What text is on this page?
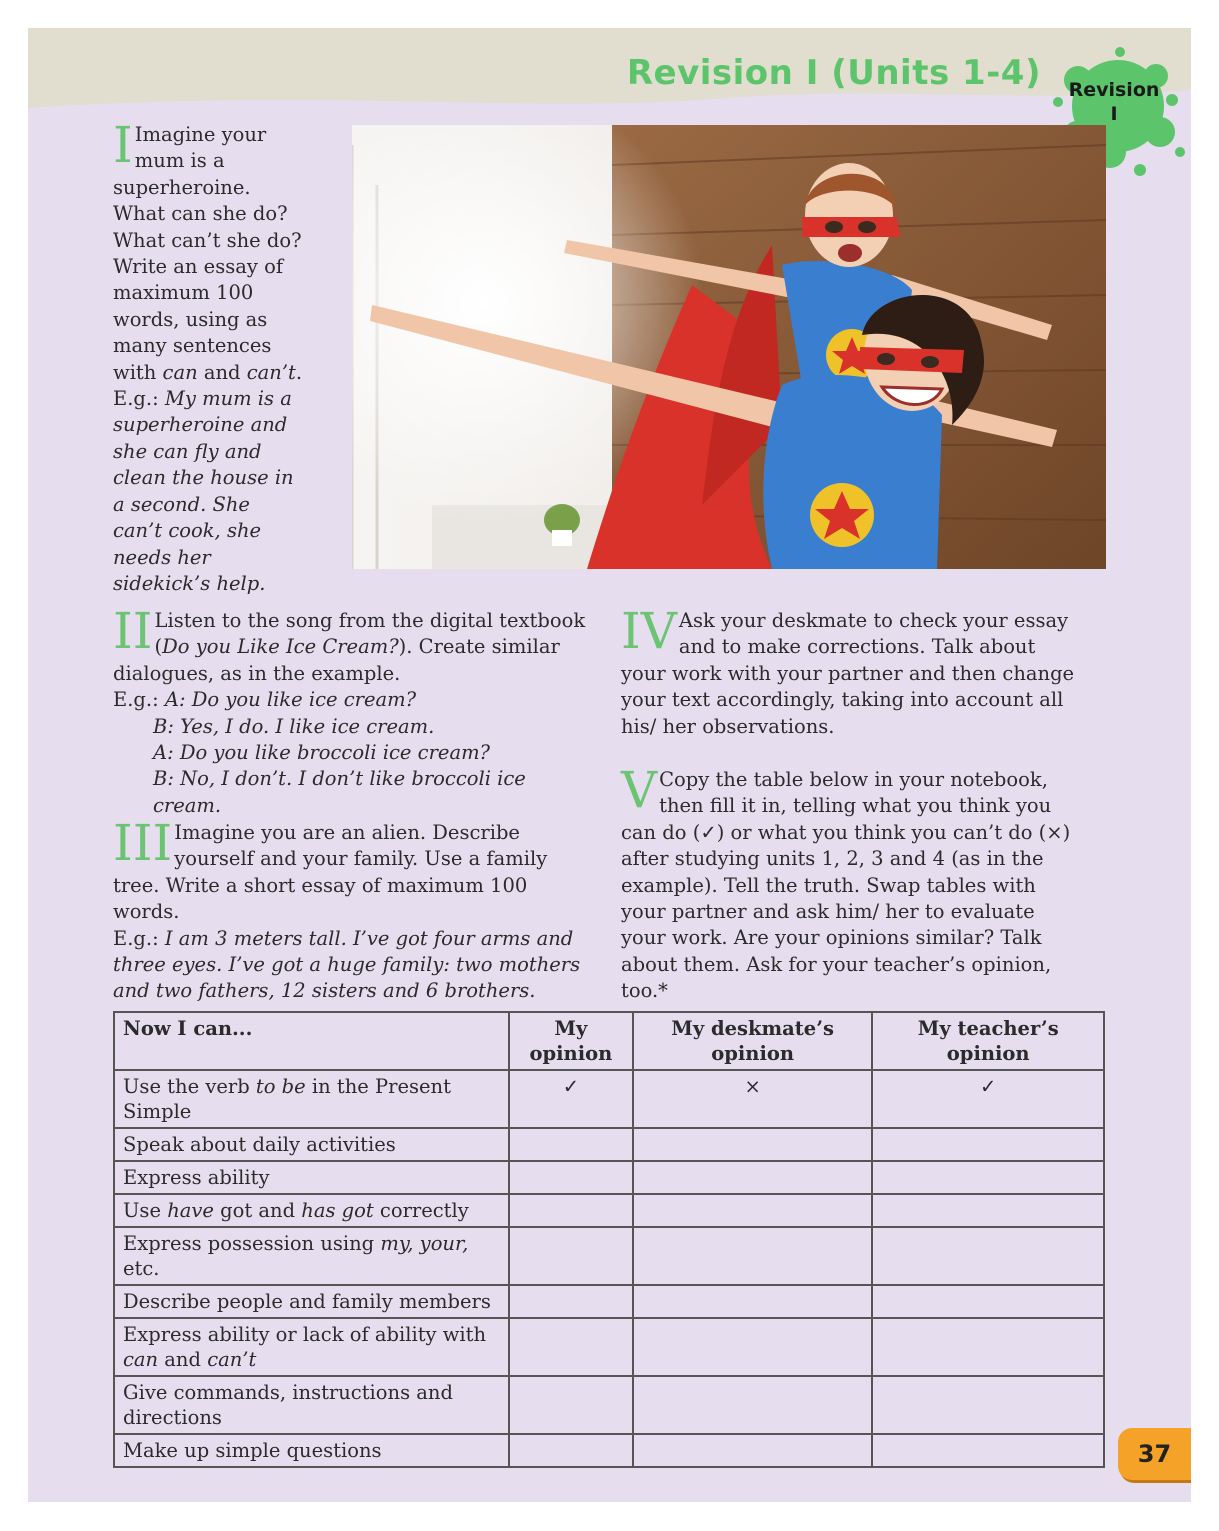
Revision I (Units 1-4)	Revision
I
I Imagine your mum is a superheroine. What can she do? What can’t she do? Write an essay of maximum 100 words, using as many sentences with can and can’t. E.g.: My mum is a superheroine and she can fly and clean the house in a second. She can’t cook, she needs her sidekick’s help.
II Listen to the song from the digital textbook (Do you Like Ice Cream?). Create similar dialogues, as in the example.

E.g.: A: Do you like ice cream?

B: Yes, I do. I like ice cream.

A: Do you like broccoli ice cream?

B: No, I don’t. I don’t like broccoli ice cream.

III Imagine you are an alien. Describe yourself and your family. Use a family tree. Write a short essay of maximum 100 words.

E.g.: I am 3 meters tall. I’ve got four arms and three eyes. I’ve got a huge family: two mothers and two fathers, 12 sisters and 6 brothers.

IV Ask your deskmate to check your essay and to make corrections. Talk about your work with your partner and then change your text accordingly, taking into account all his/ her observations.
V Copy the table below in your notebook, then fill it in, telling what you think you can do (✓) or what you think you can’t do (×) after studying units 1, 2, 3 and 4 (as in the example). Tell the truth. Swap tables with your partner and ask him/ her to evaluate your work. Are your opinions similar? Talk about them. Ask for your teacher’s opinion, too.*
Now I can...	My opinion	My deskmate’s opinion	My teacher’s opinion
Use the verb to be in the Present Simple	✓	×	✓
Speak about daily activities			
Express ability			
Use have got and has got correctly			
Express possession using my, your, etc.			
Describe people and family members			
Express ability or lack of ability with can and can’t			
Give commands, instructions and directions			
Make up simple questions				37
